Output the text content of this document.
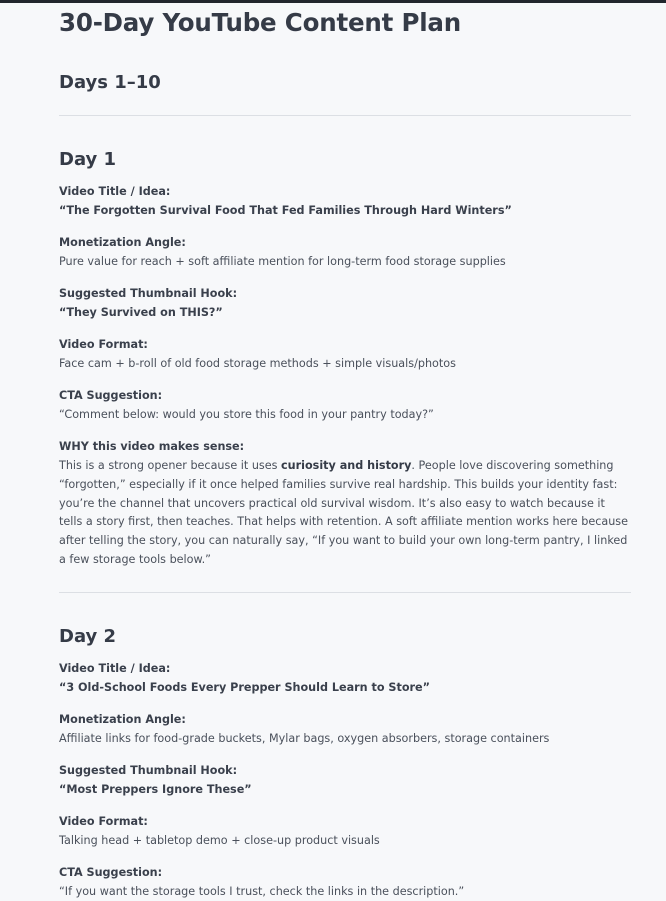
30-Day YouTube Content Plan
Days 1–10
Day 1
Video Title / Idea:
“The Forgotten Survival Food That Fed Families Through Hard Winters”
Monetization Angle:
Pure value for reach + soft affiliate mention for long-term food storage supplies
Suggested Thumbnail Hook:
“They Survived on THIS?”
Video Format:
Face cam + b-roll of old food storage methods + simple visuals/photos
CTA Suggestion:
“Comment below: would you store this food in your pantry today?”
WHY this video makes sense:
This is a strong opener because it uses curiosity and history. People love discovering something “forgotten,” especially if it once helped families survive real hardship. This builds your identity fast: you’re the channel that uncovers practical old survival wisdom. It’s also easy to watch because it tells a story first, then teaches. That helps with retention. A soft affiliate mention works here because after telling the story, you can naturally say, “If you want to build your own long-term pantry, I linked a few storage tools below.”
Day 2
Video Title / Idea:
“3 Old-School Foods Every Prepper Should Learn to Store”
Monetization Angle:
Affiliate links for food-grade buckets, Mylar bags, oxygen absorbers, storage containers
Suggested Thumbnail Hook:
“Most Preppers Ignore These”
Video Format:
Talking head + tabletop demo + close-up product visuals
CTA Suggestion:
“If you want the storage tools I trust, check the links in the description.”
